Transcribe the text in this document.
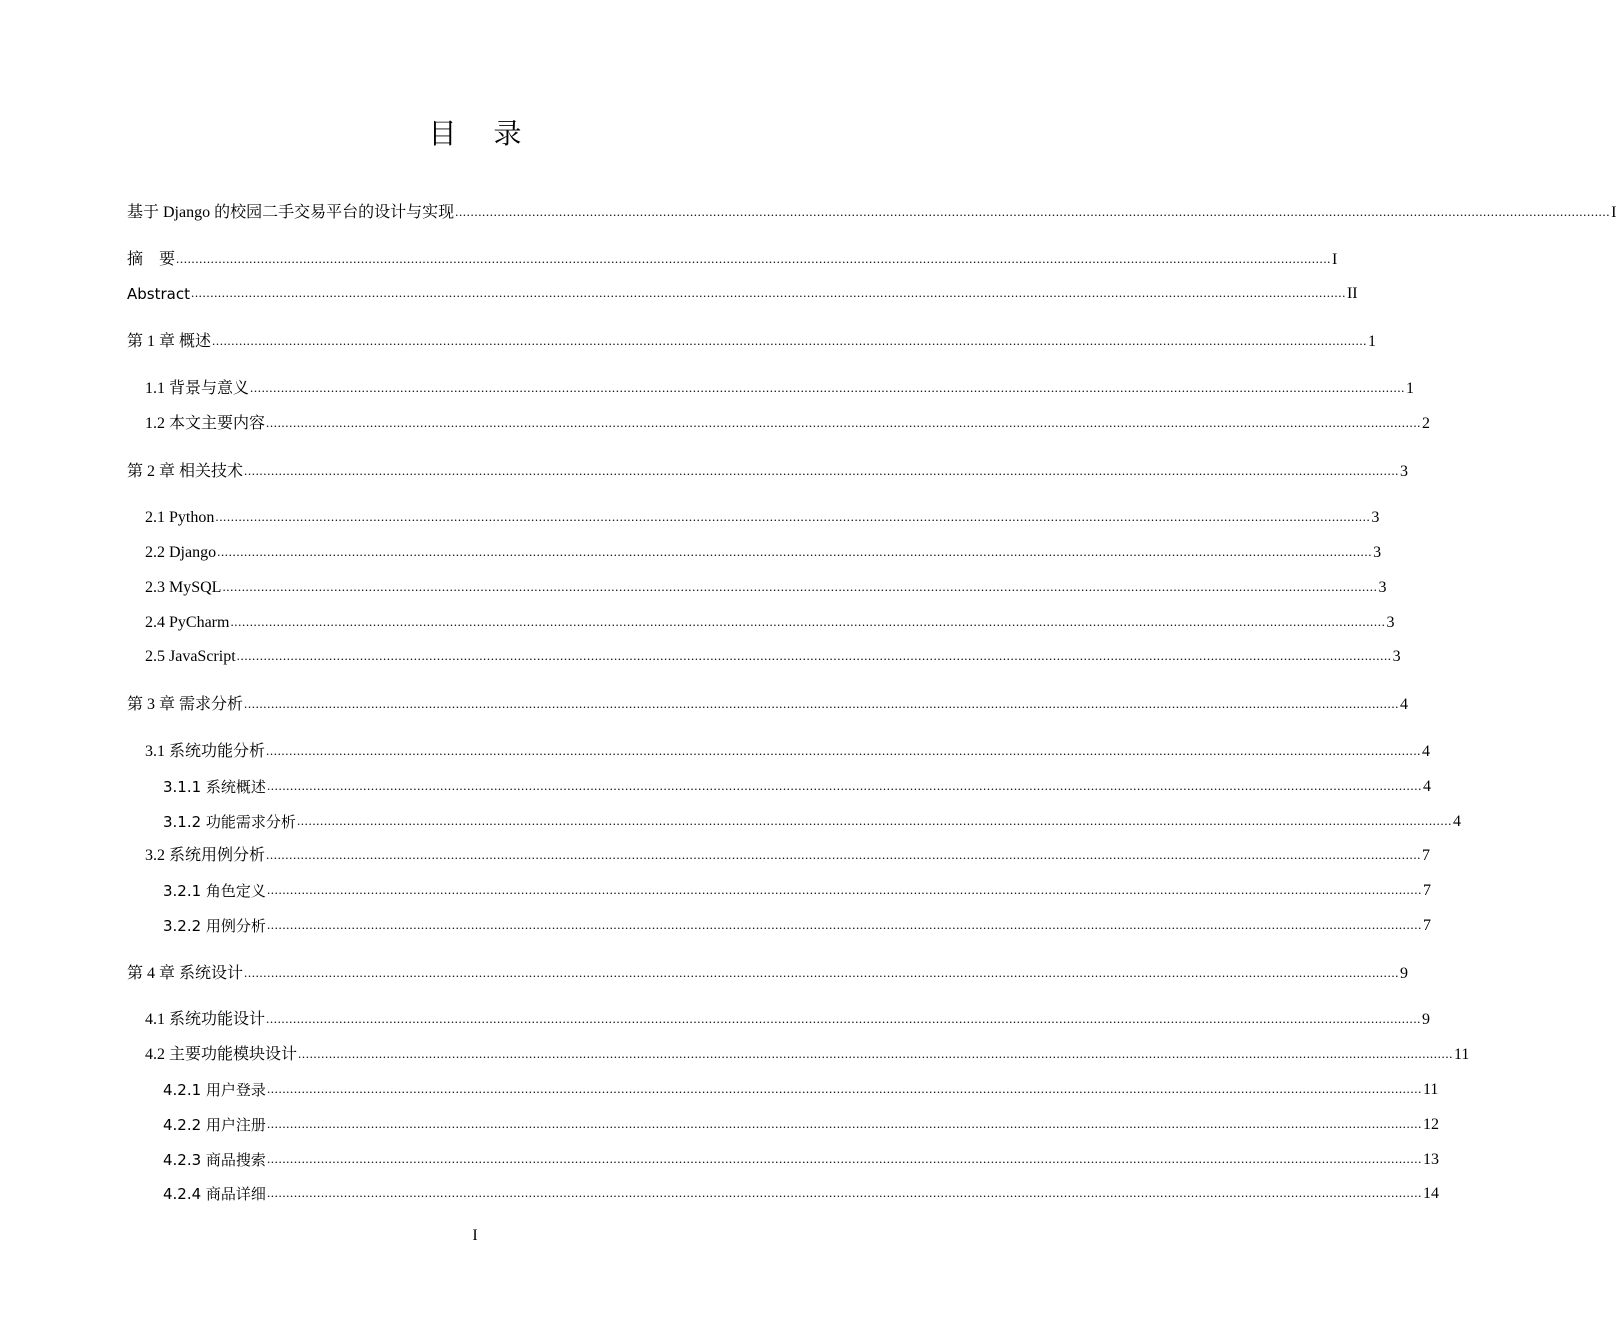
目 录
基于 Django 的校园二手交易平台的设计与实现 ............................................................................................................................................................................................................................................................................................................ I
摘　要 ............................................................................................................................................................................................................................................................................................................ I
Abstract ............................................................................................................................................................................................................................................................................................................ II
第 1 章 概述 ............................................................................................................................................................................................................................................................................................................ 1
1.1 背景与意义 ............................................................................................................................................................................................................................................................................................................ 1
1.2 本文主要内容 ............................................................................................................................................................................................................................................................................................................ 2
第 2 章 相关技术 ............................................................................................................................................................................................................................................................................................................ 3
2.1 Python ............................................................................................................................................................................................................................................................................................................ 3
2.2 Django ............................................................................................................................................................................................................................................................................................................ 3
2.3 MySQL ............................................................................................................................................................................................................................................................................................................ 3
2.4 PyCharm ............................................................................................................................................................................................................................................................................................................ 3
2.5 JavaScript ............................................................................................................................................................................................................................................................................................................ 3
第 3 章 需求分析 ............................................................................................................................................................................................................................................................................................................ 4
3.1 系统功能分析 ............................................................................................................................................................................................................................................................................................................ 4
3.1.1 系统概述 ............................................................................................................................................................................................................................................................................................................ 4
3.1.2 功能需求分析 ............................................................................................................................................................................................................................................................................................................ 4
3.2 系统用例分析 ............................................................................................................................................................................................................................................................................................................ 7
3.2.1 角色定义 ............................................................................................................................................................................................................................................................................................................ 7
3.2.2 用例分析 ............................................................................................................................................................................................................................................................................................................ 7
第 4 章 系统设计 ............................................................................................................................................................................................................................................................................................................ 9
4.1 系统功能设计 ............................................................................................................................................................................................................................................................................................................ 9
4.2 主要功能模块设计 ............................................................................................................................................................................................................................................................................................................ 11
4.2.1 用户登录 ............................................................................................................................................................................................................................................................................................................ 11
4.2.2 用户注册 ............................................................................................................................................................................................................................................................................................................ 12
4.2.3 商品搜索 ............................................................................................................................................................................................................................................................................................................ 13
4.2.4 商品详细 ............................................................................................................................................................................................................................................................................................................ 14
I
